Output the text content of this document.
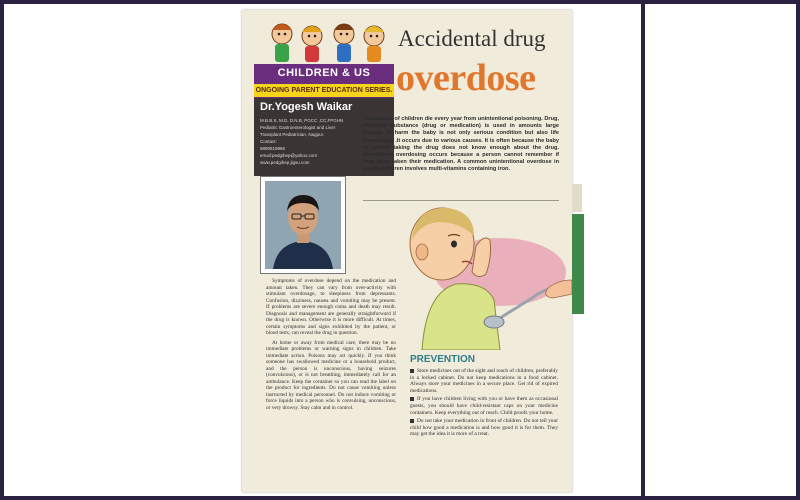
CHILDREN & US
ONGOING PARENT EDUCATION SERIES.
Dr.Yogesh Waikar
M.B.B.S, M.D, D.N.B, PGCC ,CC,FPGHN
Pediatric Gastroenterologist and Liver
Transplant Pediatrician, Nagpur.
Contact:
9890519966
email:pedgihep@yahoo.com
www.pedgihep.jigsu.com
Accidental drug
overdose
Thousands of children die every year from unintentional poisoning. Drug, chemical substance (drug or medication) is used in amounts large enough to harm the baby is not only serious condition but also life threatening .It occurs due to various causes. It is often because the baby or parent taking the drug does not know enough about the drug. Sometimes overdosing occurs because a person cannot remember if they have taken their medication. A common unintentional overdose in young children involves multi-vitamins containing iron.

Symptoms of overdose depend on the medication and amount taken. They can vary from over-activity with stimulant overdosage, to sleepiness from depressants. Confusion, dizziness, nausea and vomiting may be present. If problems are severe enough coma and death may result. Diagnosis and management are generally straightforward if the drug is known. Otherwise it is more difficult. At times, certain symptoms and signs exhibited by the patient, or blood tests, can reveal the drug in question.

At home or away from medical care, there may be no immediate problems or warning signs in children. Take immediate action. Poisons may act quickly. If you think someone has swallowed medicine or a household product, and the person is unconscious, having seizures (convulsions), or is not breathing, immediately call for an ambulance. Keep the container so you can read the label on the product for ingredients. Do not cause vomiting unless instructed by medical personnel. Do not induce vomiting or force liquids into a person who is convulsing, unconscious, or very drowsy. Stay calm and in control.

PREVENTION

Store medicines out of the sight and reach of children, preferably in a locked cabinet. Do not keep medications in a food cabinet. Always store your medicines in a secure place. Get rid of expired medications.

If you have children living with you or have them as occasional guests, you should have child-resistant caps on your medicine containers. Keep everything out of reach. Child proofs your home.

Do not take your medication in front of children. Do not tell your child how good a medication is and how good it is for them. They may get the idea it is more of a treat.
